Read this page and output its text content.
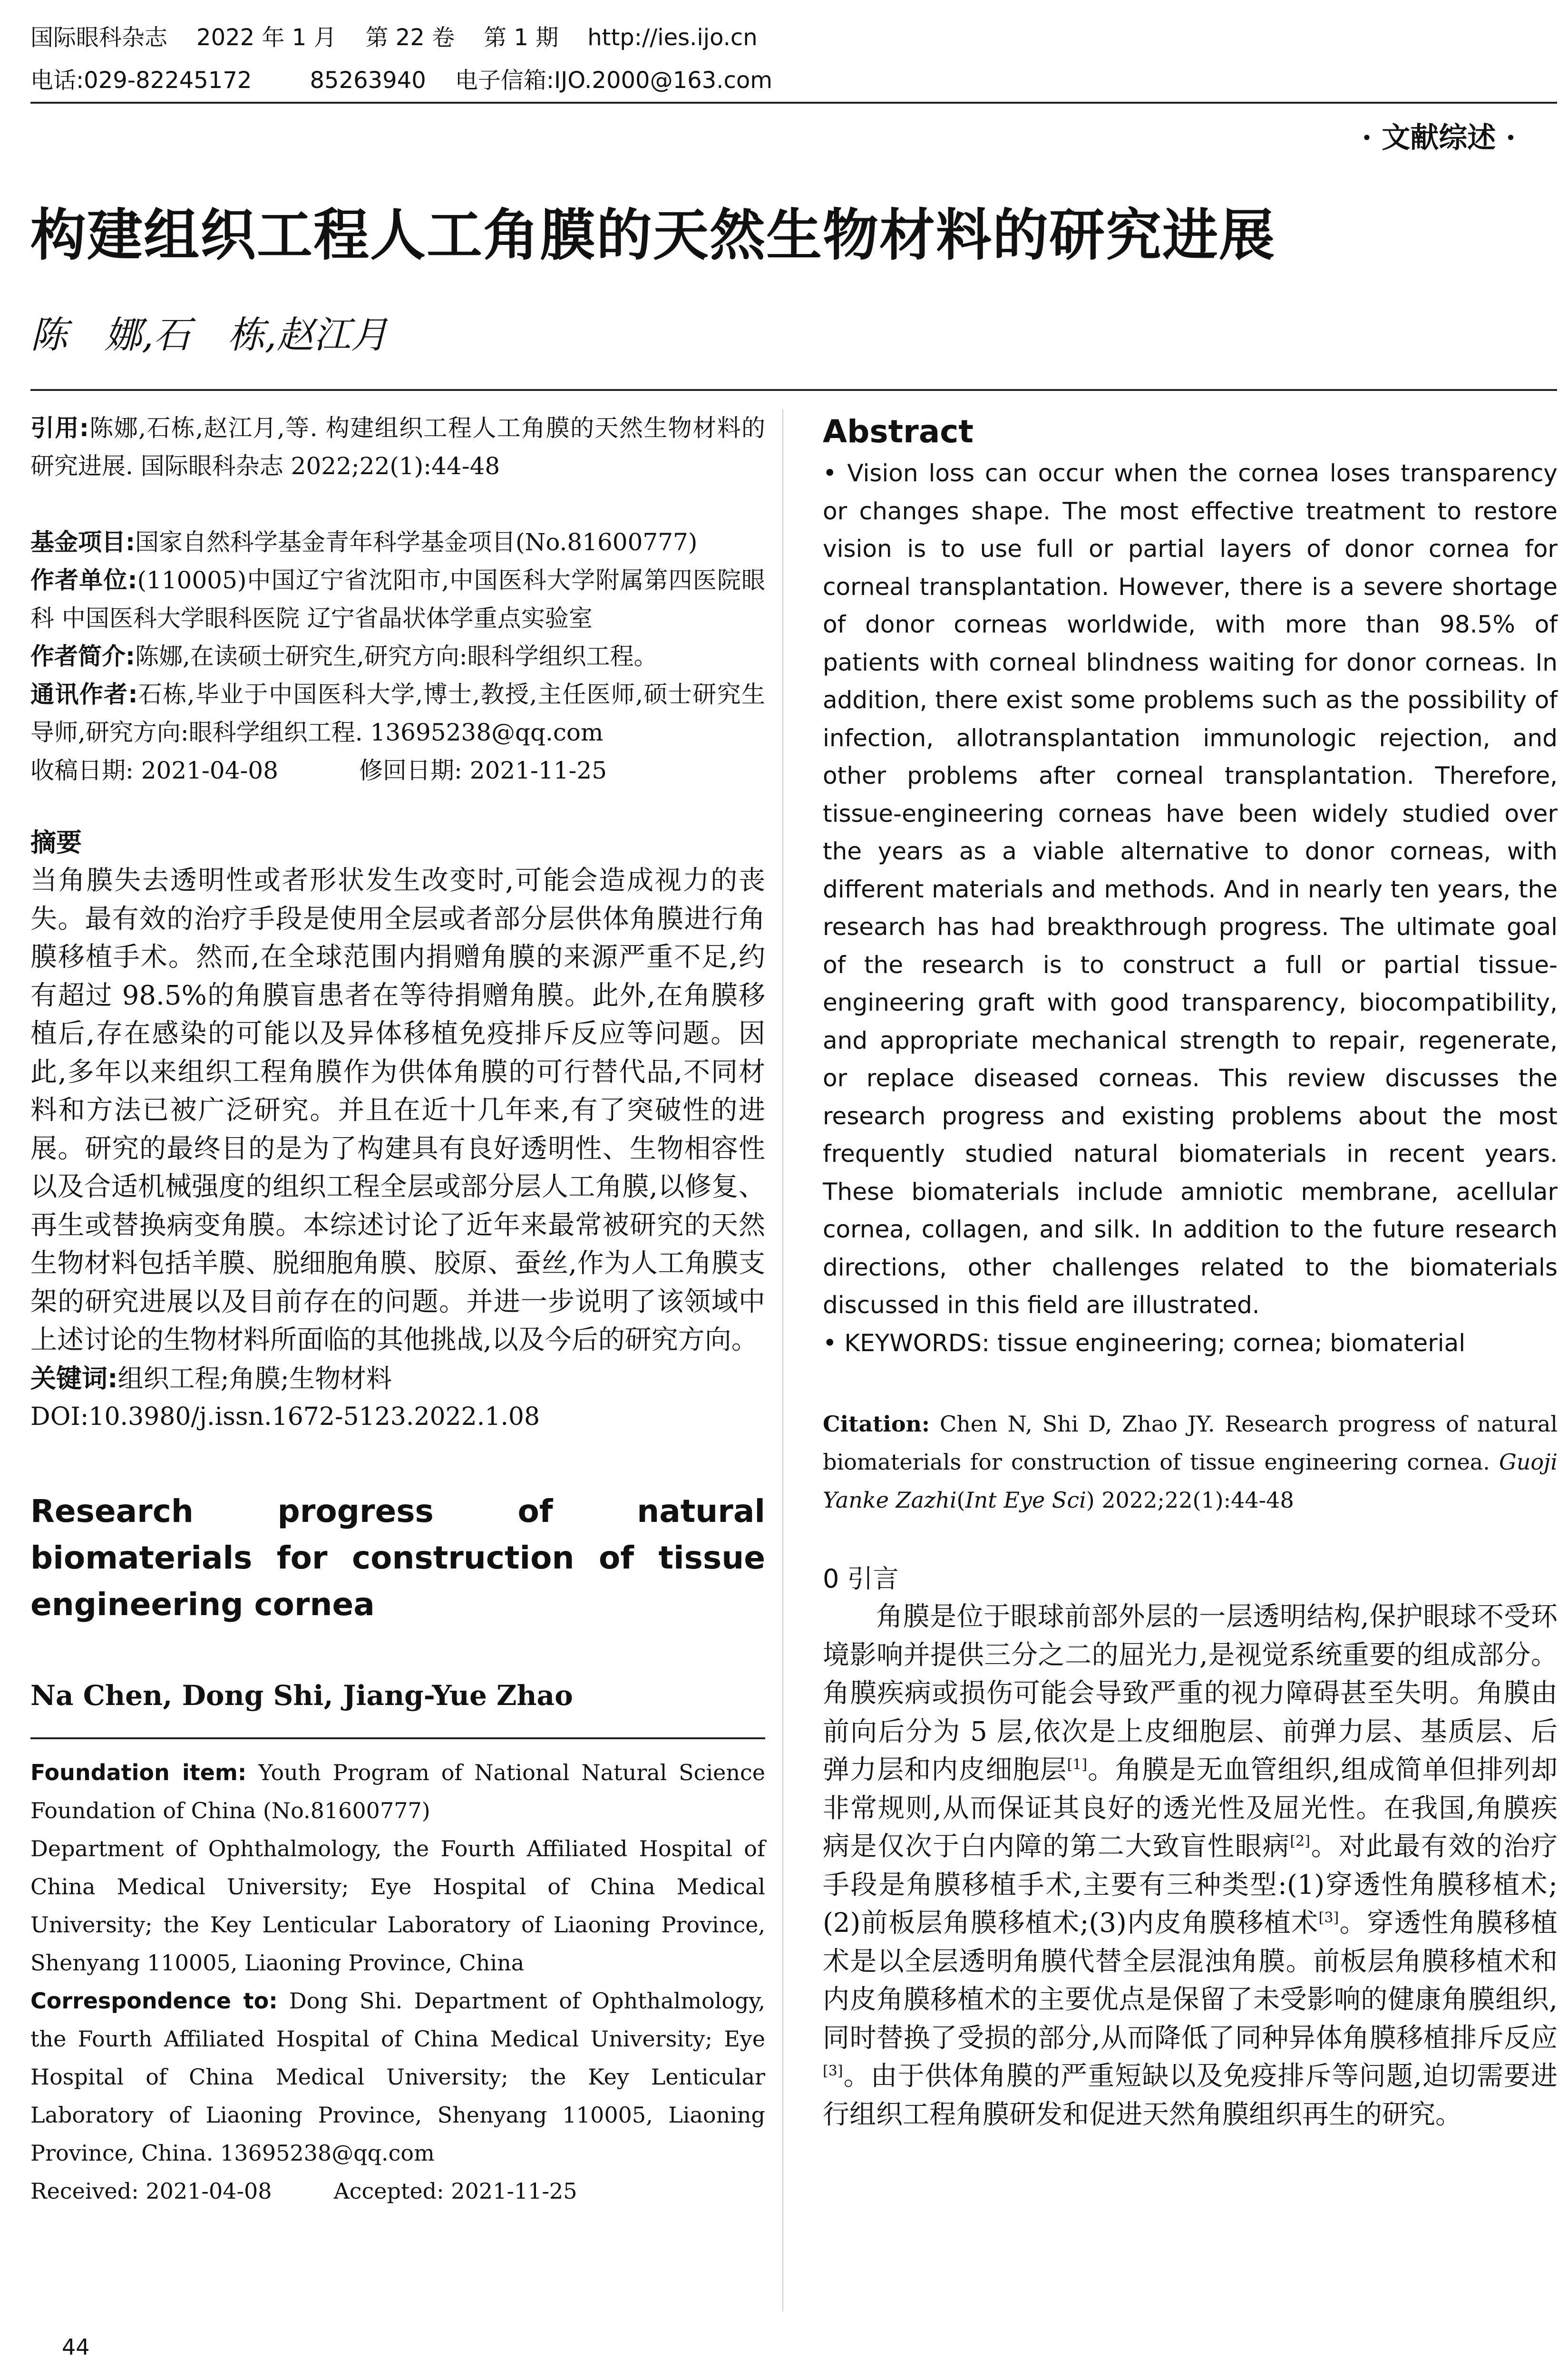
国际眼科杂志    2022 年 1 月    第 22 卷    第 1 期    http://ies.ijo.cn
电话:029-82245172        85263940    电子信箱:IJO.2000@163.com
· 文献综述 ·
构建组织工程人工角膜的天然生物材料的研究进展
陈　娜,石　栋,赵江月
引用:陈娜,石栋,赵江月,等. 构建组织工程人工角膜的天然生物材料的研究进展. 国际眼科杂志 2022;22(1):44-48
基金项目:国家自然科学基金青年科学基金项目(No.81600777)
作者单位:(110005)中国辽宁省沈阳市,中国医科大学附属第四医院眼科 中国医科大学眼科医院 辽宁省晶状体学重点实验室
作者简介:陈娜,在读硕士研究生,研究方向:眼科学组织工程。
通讯作者:石栋,毕业于中国医科大学,博士,教授,主任医师,硕士研究生导师,研究方向:眼科学组织工程. 13695238@qq.com
收稿日期: 2021-04-08	修回日期: 2021-11-25
摘要
当角膜失去透明性或者形状发生改变时,可能会造成视力的丧失。最有效的治疗手段是使用全层或者部分层供体角膜进行角膜移植手术。然而,在全球范围内捐赠角膜的来源严重不足,约有超过 98.5%的角膜盲患者在等待捐赠角膜。此外,在角膜移植后,存在感染的可能以及异体移植免疫排斥反应等问题。因此,多年以来组织工程角膜作为供体角膜的可行替代品,不同材料和方法已被广泛研究。并且在近十几年来,有了突破性的进展。研究的最终目的是为了构建具有良好透明性、生物相容性以及合适机械强度的组织工程全层或部分层人工角膜,以修复、再生或替换病变角膜。本综述讨论了近年来最常被研究的天然生物材料包括羊膜、脱细胞角膜、胶原、蚕丝,作为人工角膜支架的研究进展以及目前存在的问题。并进一步说明了该领域中上述讨论的生物材料所面临的其他挑战,以及今后的研究方向。
关键词:组织工程;角膜;生物材料
DOI:10.3980/j.issn.1672-5123.2022.1.08
Research progress of natural biomaterials for construction of tissue engineering cornea
Na Chen, Dong Shi, Jiang-Yue Zhao
Foundation item: Youth Program of National Natural Science Foundation of China (No.81600777)
Department of Ophthalmology, the Fourth Affiliated Hospital of China Medical University; Eye Hospital of China Medical University; the Key Lenticular Laboratory of Liaoning Province, Shenyang 110005, Liaoning Province, China
Correspondence to: Dong Shi. Department of Ophthalmology, the Fourth Affiliated Hospital of China Medical University; Eye Hospital of China Medical University; the Key Lenticular Laboratory of Liaoning Province, Shenyang 110005, Liaoning Province, China. 13695238@qq.com
Received: 2021-04-08	Accepted: 2021-11-25
Abstract
• Vision loss can occur when the cornea loses transparency or changes shape. The most effective treatment to restore vision is to use full or partial layers of donor cornea for corneal transplantation. However, there is a severe shortage of donor corneas worldwide, with more than 98.5% of patients with corneal blindness waiting for donor corneas. In addition, there exist some problems such as the possibility of infection, allotransplantation immunologic rejection, and other problems after corneal transplantation. Therefore, tissue-engineering corneas have been widely studied over the years as a viable alternative to donor corneas, with different materials and methods. And in nearly ten years, the research has had breakthrough progress. The ultimate goal of the research is to construct a full or partial tissue-engineering graft with good transparency, biocompatibility, and appropriate mechanical strength to repair, regenerate, or replace diseased corneas. This review discusses the research progress and existing problems about the most frequently studied natural biomaterials in recent years. These biomaterials include amniotic membrane, acellular cornea, collagen, and silk. In addition to the future research directions, other challenges related to the biomaterials discussed in this field are illustrated.
• KEYWORDS: tissue engineering; cornea; biomaterial
Citation: Chen N, Shi D, Zhao JY. Research progress of natural biomaterials for construction of tissue engineering cornea. Guoji Yanke Zazhi(Int Eye Sci) 2022;22(1):44-48
0 引言
角膜是位于眼球前部外层的一层透明结构,保护眼球不受环境影响并提供三分之二的屈光力,是视觉系统重要的组成部分。角膜疾病或损伤可能会导致严重的视力障碍甚至失明。角膜由前向后分为 5 层,依次是上皮细胞层、前弹力层、基质层、后弹力层和内皮细胞层[1]。角膜是无血管组织,组成简单但排列却非常规则,从而保证其良好的透光性及屈光性。在我国,角膜疾病是仅次于白内障的第二大致盲性眼病[2]。对此最有效的治疗手段是角膜移植手术,主要有三种类型:(1)穿透性角膜移植术;(2)前板层角膜移植术;(3)内皮角膜移植术[3]。穿透性角膜移植术是以全层透明角膜代替全层混浊角膜。前板层角膜移植术和内皮角膜移植术的主要优点是保留了未受影响的健康角膜组织,同时替换了受损的部分,从而降低了同种异体角膜移植排斥反应[3]。由于供体角膜的严重短缺以及免疫排斥等问题,迫切需要进行组织工程角膜研发和促进天然角膜组织再生的研究。
44
